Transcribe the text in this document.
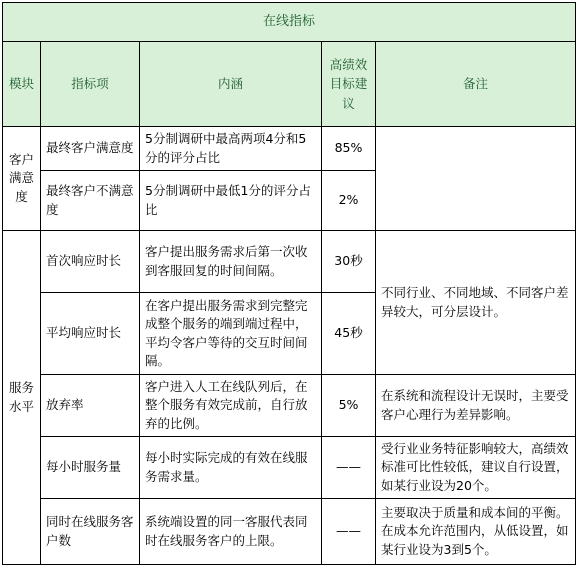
在线指标				
模块	指标项	内涵	高绩效目标建议	备注
客户满意度	最终客户满意度	5分制调研中最高两项4分和5分的评分占比	85%	
	最终客户不满意度	5分制调研中最低1分的评分占比	2%	
服务水平	首次响应时长	客户提出服务需求后第一次收到客服回复的时间间隔。	30秒	不同行业、不同地域、不同客户差异较大，可分层设计。
	平均响应时长	在客户提出服务需求到完整完成整个服务的端到端过程中，平均令客户等待的交互时间间隔。	45秒	
	放弃率	客户进入人工在线队列后，在整个服务有效完成前，自行放弃的比例。	5%	在系统和流程设计无误时，主要受客户心理行为差异影响。
	每小时服务量	每小时实际完成的有效在线服务需求量。	——	受行业业务特征影响较大，高绩效标准可比性较低，建议自行设置，如某行业设为20个。
	同时在线服务客户数	系统端设置的同一客服代表同时在线服务客户的上限。	——	主要取决于质量和成本间的平衡。在成本允许范围内，从低设置，如某行业设为3到5个。
